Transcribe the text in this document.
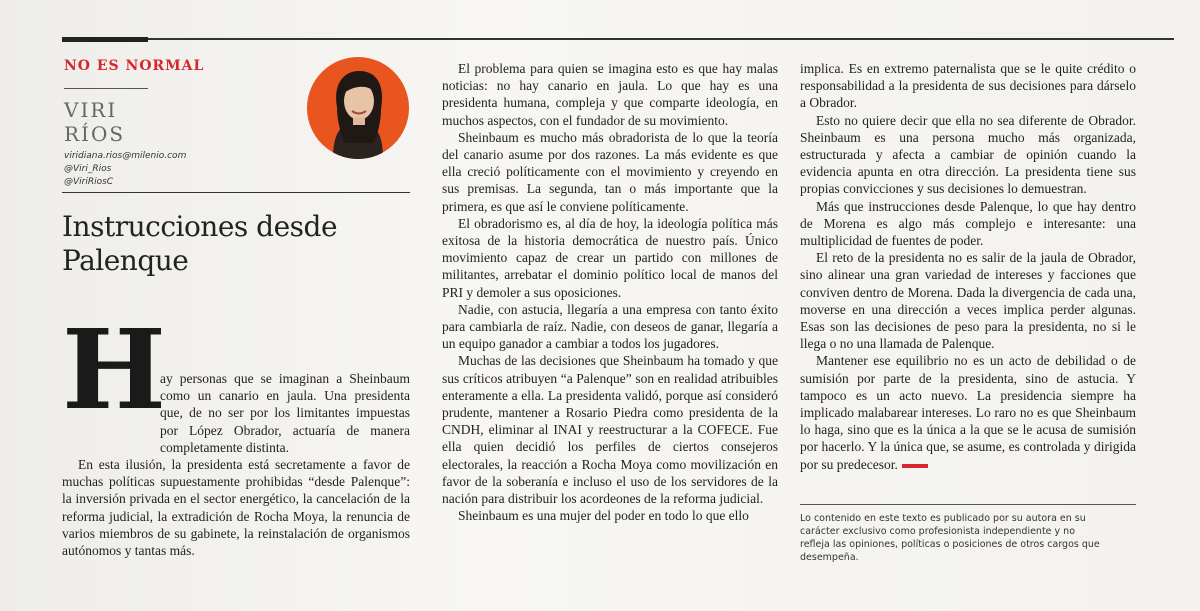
NO ES NORMAL
VIRI
RÍOS
viridiana.rios@milenio.com
@Viri_Rios
@ViriRiosC
Instrucciones desde Palenque
H

ay personas que se imaginan a Sheinbaum como un canario en jaula. Una presidenta que, de no ser por los limitantes impuestas por López Obrador, actuaría de manera completamente distinta.

En esta ilusión, la presidenta está secretamente a favor de muchas políticas supuestamente prohibidas “desde Palenque”: la inversión privada en el sector energético, la cancelación de la reforma judicial, la extradición de Rocha Moya, la renuncia de varios miembros de su gabinete, la reinstalación de organismos autónomos y tantas más.

El problema para quien se imagina esto es que hay malas noticias: no hay canario en jaula. Lo que hay es una presidenta humana, compleja y que comparte ideología, en muchos aspectos, con el fundador de su movimiento.

Sheinbaum es mucho más obradorista de lo que la teoría del canario asume por dos razones. La más evidente es que ella creció políticamente con el movimiento y creyendo en sus premisas. La segunda, tan o más importante que la primera, es que así le conviene políticamente.

El obradorismo es, al día de hoy, la ideología política más exitosa de la historia democrática de nuestro país. Único movimiento capaz de crear un partido con millones de militantes, arrebatar el dominio político local de manos del PRI y demoler a sus oposiciones.

Nadie, con astucia, llegaría a una empresa con tanto éxito para cambiarla de raíz. Nadie, con deseos de ganar, llegaría a un equipo ganador a cambiar a todos los jugadores.

Muchas de las decisiones que Sheinbaum ha tomado y que sus críticos atribuyen “a Palenque” son en realidad atribuibles enteramente a ella. La presidenta validó, porque así consideró prudente, mantener a Rosario Piedra como presidenta de la CNDH, eliminar al INAI y reestructurar a la COFECE. Fue ella quien decidió los perfiles de ciertos consejeros electorales, la reacción a Rocha Moya como movilización en favor de la soberanía e incluso el uso de los servidores de la nación para distribuir los acordeones de la reforma judicial.

Sheinbaum es una mujer del poder en todo lo que ello

implica. Es en extremo paternalista que se le quite crédito o responsabilidad a la presidenta de sus decisiones para dárselo a Obrador.

Esto no quiere decir que ella no sea diferente de Obrador. Sheinbaum es una persona mucho más organizada, estructurada y afecta a cambiar de opinión cuando la evidencia apunta en otra dirección. La presidenta tiene sus propias convicciones y sus decisiones lo demuestran.

Más que instrucciones desde Palenque, lo que hay dentro de Morena es algo más complejo e interesante: una multiplicidad de fuentes de poder.

El reto de la presidenta no es salir de la jaula de Obrador, sino alinear una gran variedad de intereses y facciones que conviven dentro de Morena. Dada la divergencia de cada una, moverse en una dirección a veces implica perder algunas. Esas son las decisiones de peso para la presidenta, no si le llega o no una llamada de Palenque.

Mantener ese equilibrio no es un acto de debilidad o de sumisión por parte de la presidenta, sino de astucia. Y tampoco es un acto nuevo. La presidencia siempre ha implicado malabarear intereses. Lo raro no es que Sheinbaum lo haga, sino que es la única a la que se le acusa de sumisión por hacerlo. Y la única que, se asume, es controlada y dirigida por su predecesor.

Lo contenido en este texto es publicado por su autora en su carácter exclusivo como profesionista independiente y no refleja las opiniones, políticas o posiciones de otros cargos que desempeña.
